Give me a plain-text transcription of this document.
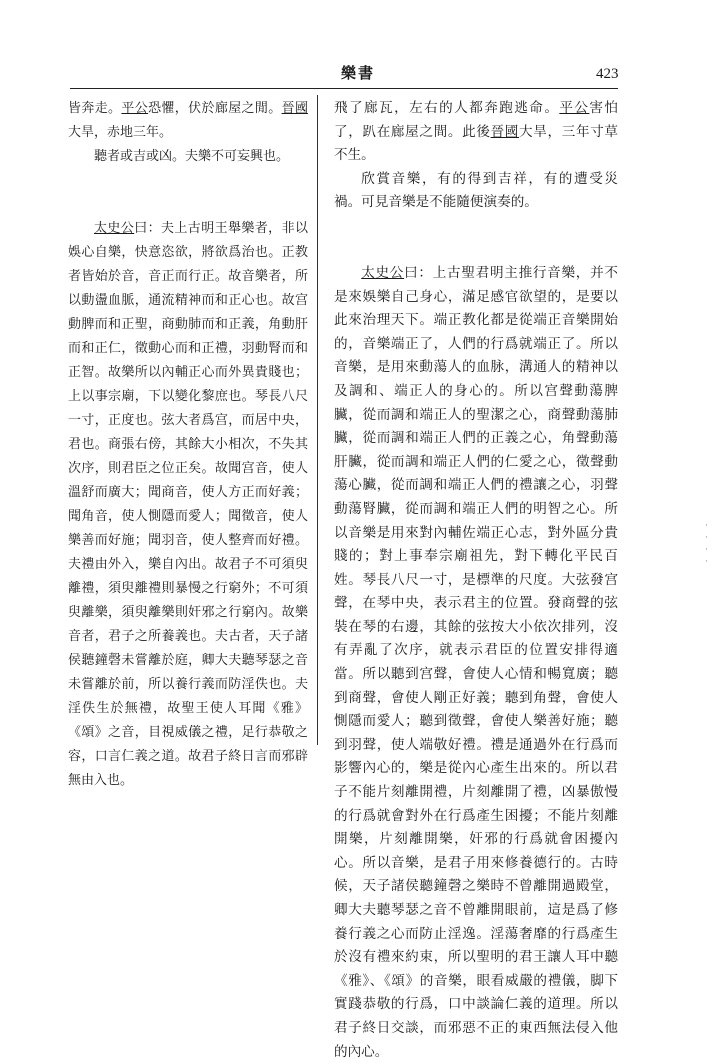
樂書	423

皆奔走。平公恐懼，伏於廊屋之閒。晉國大旱，赤地三年。

聽者或吉或凶。夫樂不可妄興也。

太史公曰：夫上古明王舉樂者，非以娛心自樂，快意恣欲，將欲爲治也。正教者皆始於音，音正而行正。故音樂者，所以動盪血脈，通流精神而和正心也。故宫動脾而和正聖，商動肺而和正義，角動肝而和正仁，徵動心而和正禮，羽動腎而和正智。故樂所以內輔正心而外異貴賤也；上以事宗廟，下以變化黎庶也。琴長八尺一寸，正度也。弦大者爲宫，而居中央，君也。商張右傍，其餘大小相次，不失其次序，則君臣之位正矣。故聞宫音，使人溫舒而廣大；聞商音，使人方正而好義；聞角音，使人惻隱而愛人；聞徵音，使人樂善而好施；聞羽音，使人整齊而好禮。夫禮由外入，樂自內出。故君子不可須臾離禮，須臾離禮則暴慢之行窮外；不可須臾離樂，須臾離樂則奸邪之行窮內。故樂音者，君子之所養義也。夫古者，天子諸侯聽鐘磬未嘗離於庭，卿大夫聽琴瑟之音未嘗離於前，所以養行義而防淫佚也。夫淫佚生於無禮，故聖王使人耳聞《雅》《頌》之音，目視威儀之禮，足行恭敬之容，口言仁義之道。故君子終日言而邪辟無由入也。

飛了廊瓦，左右的人都奔跑逃命。平公害怕了，趴在廊屋之間。此後晉國大旱，三年寸草不生。

欣賞音樂，有的得到吉祥，有的遭受災禍。可見音樂是不能隨便演奏的。

太史公曰：上古聖君明主推行音樂，并不是來娛樂自己身心，滿足感官欲望的，是要以此來治理天下。端正教化都是從端正音樂開始的，音樂端正了，人們的行爲就端正了。所以音樂，是用來動蕩人的血脉，溝通人的精神以及調和、端正人的身心的。所以宫聲動蕩脾臟，從而調和端正人的聖潔之心，商聲動蕩肺臟，從而調和端正人們的正義之心，角聲動蕩肝臟，從而調和端正人們的仁愛之心，徵聲動蕩心臟，從而調和端正人們的禮讓之心，羽聲動蕩腎臟，從而調和端正人們的明智之心。所以音樂是用來對內輔佐端正心志，對外區分貴賤的；對上事奉宗廟祖先，對下轉化平民百姓。琴長八尺一寸，是標準的尺度。大弦發宫聲，在琴中央，表示君主的位置。發商聲的弦裝在琴的右邊，其餘的弦按大小依次排列，沒有弄亂了次序，就表示君臣的位置安排得適當。所以聽到宫聲，會使人心情和暢寬廣；聽到商聲，會使人剛正好義；聽到角聲，會使人惻隱而愛人；聽到徵聲，會使人樂善好施；聽到羽聲，使人端敬好禮。禮是通過外在行爲而影響內心的，樂是從內心產生出來的。所以君子不能片刻離開禮，片刻離開了禮，凶暴傲慢的行爲就會對外在行爲產生困擾；不能片刻離開樂，片刻離開樂，奸邪的行爲就會困擾內心。所以音樂，是君子用來修養德行的。古時候，天子諸侯聽鐘磬之樂時不曾離開過殿堂，卿大夫聽琴瑟之音不曾離開眼前，這是爲了修養行義之心而防止淫逸。淫蕩奢靡的行爲產生於沒有禮來約束，所以聖明的君王讓人耳中聽《雅》、《頌》的音樂，眼看威嚴的禮儀，脚下實踐恭敬的行爲，口中談論仁義的道理。所以君子終日交談，而邪惡不正的東西無法侵入他的內心。

·
·
·
·
